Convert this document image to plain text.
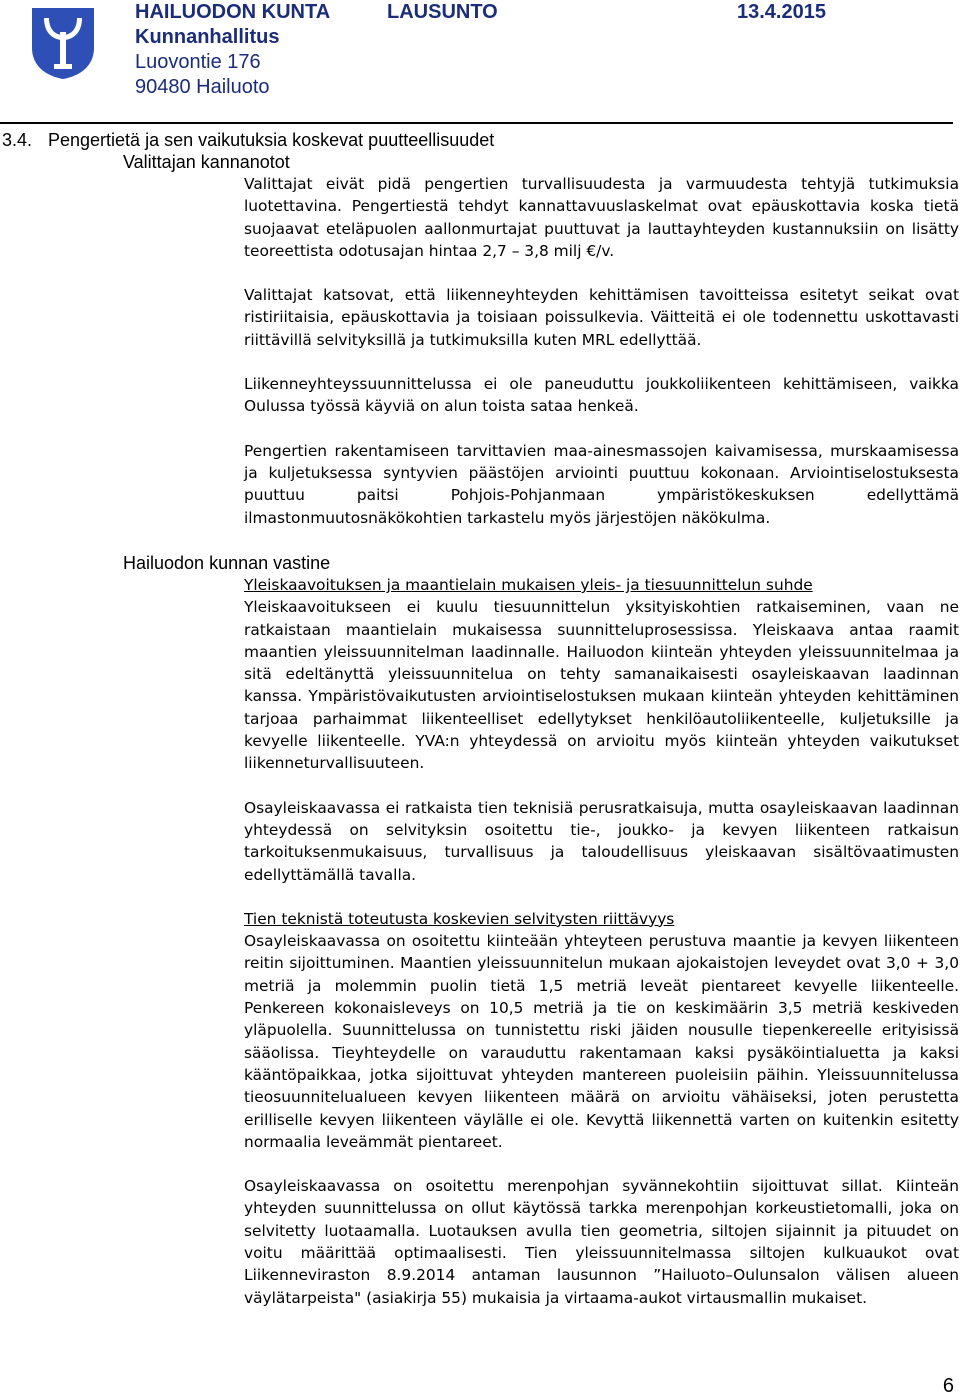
HAILUODON KUNTA	LAUSUNTO	13.4.2015
Kunnanhallitus
Luovontie 176
90480 Hailuoto
3.4. Pengertietä ja sen vaikutuksia koskevat puutteellisuudet
Valittajan kannanotot

Valittajat eivät pidä pengertien turvallisuudesta ja varmuudesta tehtyjä tutkimuksia luotettavina. Pengertiestä tehdyt kannattavuuslaskelmat ovat epäuskottavia koska tietä suojaavat eteläpuolen aallonmurtajat puuttuvat ja lauttayhteyden kustannuksiin on lisätty teoreettista odotusajan hintaa 2,7 – 3,8 milj €/v.

Valittajat katsovat, että liikenneyhteyden kehittämisen tavoitteissa esitetyt seikat ovat ristiriitaisia, epäuskottavia ja toisiaan poissulkevia. Väitteitä ei ole todennettu uskottavasti riittävillä selvityksillä ja tutkimuksilla kuten MRL edellyttää.

Liikenneyhteyssuunnittelussa ei ole paneuduttu joukkoliikenteen kehittämiseen, vaikka Oulussa työssä käyviä on alun toista sataa henkeä.

Pengertien rakentamiseen tarvittavien maa-ainesmassojen kaivamisessa, murskaamisessa ja kuljetuksessa syntyvien päästöjen arviointi puuttuu kokonaan. Arviointiselostuksesta puuttuu paitsi Pohjois-Pohjanmaan ympäristökeskuksen edellyttämä ilmastonmuutosnäkökohtien tarkastelu myös järjestöjen näkökulma.

Hailuodon kunnan vastine

Yleiskaavoituksen ja maantielain mukaisen yleis- ja tiesuunnittelun suhde

Yleiskaavoitukseen ei kuulu tiesuunnittelun yksityiskohtien ratkaiseminen, vaan ne ratkaistaan maantielain mukaisessa suunnitteluprosessissa. Yleiskaava antaa raamit maantien yleissuunnitelman laadinnalle. Hailuodon kiinteän yhteyden yleissuunnitelmaa ja sitä edeltänyttä yleissuunnitelua on tehty samanaikaisesti osayleiskaavan laadinnan kanssa. Ympäristövaikutusten arviointiselostuksen mukaan kiinteän yhteyden kehittäminen tarjoaa parhaimmat liikenteelliset edellytykset henkilöautoliikenteelle, kuljetuksille ja kevyelle liikenteelle. YVA:n yhteydessä on arvioitu myös kiinteän yhteyden vaikutukset liikenneturvallisuuteen.

Osayleiskaavassa ei ratkaista tien teknisiä perusratkaisuja, mutta osayleiskaavan laadinnan yhteydessä on selvityksin osoitettu tie-, joukko- ja kevyen liikenteen ratkaisun tarkoituksenmukaisuus, turvallisuus ja taloudellisuus yleiskaavan sisältövaatimusten edellyttämällä tavalla.

Tien teknistä toteutusta koskevien selvitysten riittävyys

Osayleiskaavassa on osoitettu kiinteään yhteyteen perustuva maantie ja kevyen liikenteen reitin sijoittuminen. Maantien yleissuunnitelun mukaan ajokaistojen leveydet ovat 3,0 + 3,0 metriä ja molemmin puolin tietä 1,5 metriä leveät pientareet kevyelle liikenteelle. Penkereen kokonaisleveys on 10,5 metriä ja tie on keskimäärin 3,5 metriä keskiveden yläpuolella. Suunnittelussa on tunnistettu riski jäiden nousulle tiepenkereelle erityisissä sääolissa. Tieyhteydelle on varauduttu rakentamaan kaksi pysäköintialuetta ja kaksi kääntöpaikkaa, jotka sijoittuvat yhteyden mantereen puoleisiin päihin. Yleissuunnitelussa tieosuunnitelualueen kevyen liikenteen määrä on arvioitu vähäiseksi, joten perustetta erilliselle kevyen liikenteen väylälle ei ole. Kevyttä liikennettä varten on kuitenkin esitetty normaalia leveämmät pientareet.

Osayleiskaavassa on osoitettu merenpohjan syvännekohtiin sijoittuvat sillat. Kiinteän yhteyden suunnittelussa on ollut käytössä tarkka merenpohjan korkeustietomalli, joka on selvitetty luotaamalla. Luotauksen avulla tien geometria, siltojen sijainnit ja pituudet on voitu määrittää optimaalisesti. Tien yleissuunnitelmassa siltojen kulkuaukot ovat Liikenneviraston 8.9.2014 antaman lausunnon ”Hailuoto–Oulunsalon välisen alueen väylätarpeista" (asiakirja 55) mukaisia ja virtaama-aukot virtausmallin mukaiset.

6
